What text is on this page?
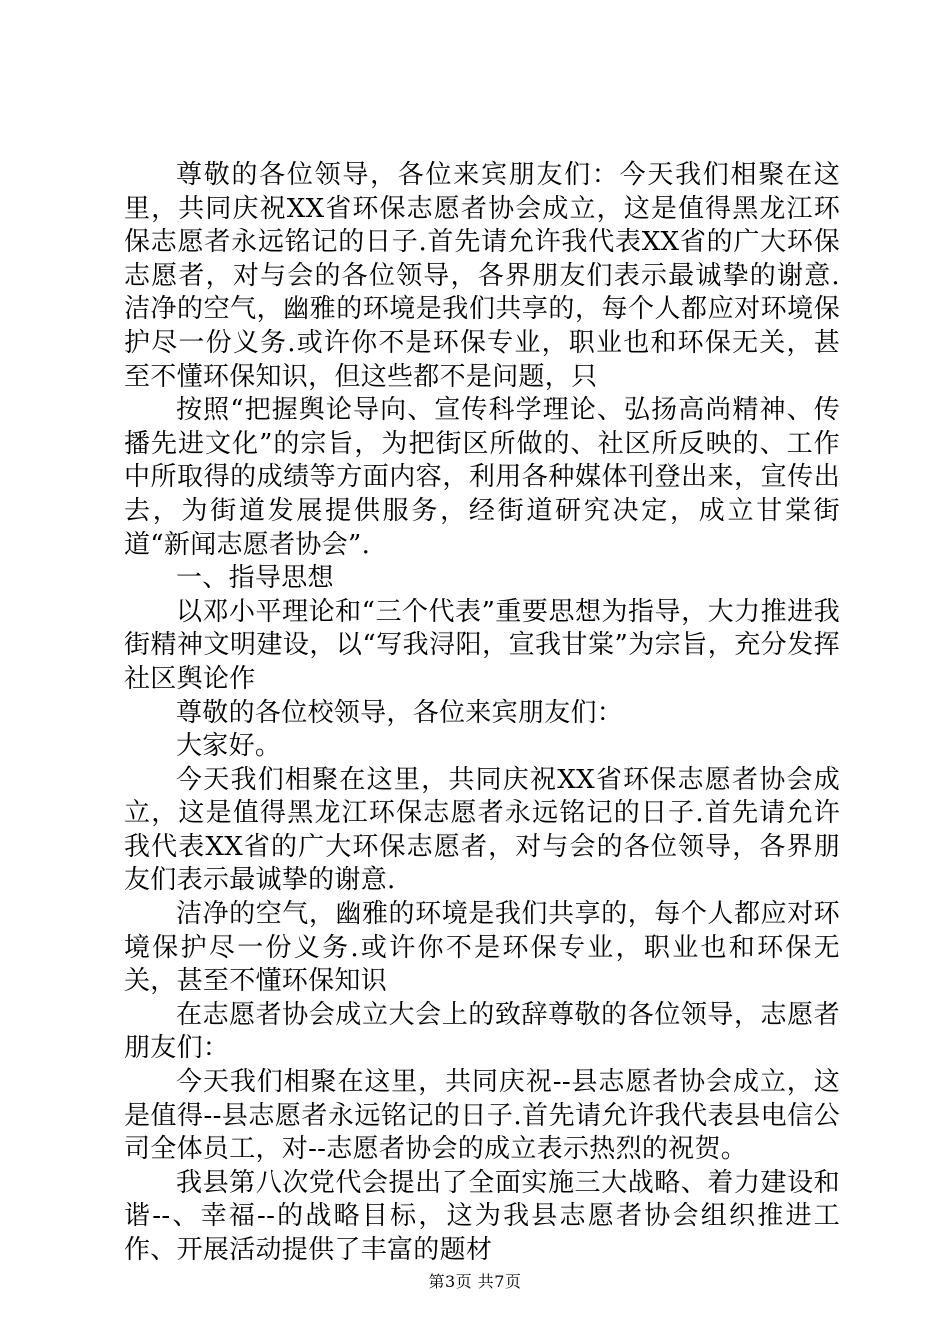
尊敬的各位领导，各位来宾朋友们：今天我们相聚在这里，共同庆祝XX省环保志愿者协会成立，这是值得黑龙江环保志愿者永远铭记的日子.首先请允许我代表XX省的广大环保志愿者，对与会的各位领导，各界朋友们表示最诚挚的谢意.洁净的空气，幽雅的环境是我们共享的，每个人都应对环境保护尽一份义务.或许你不是环保专业，职业也和环保无关，甚至不懂环保知识，但这些都不是问题，只

按照“把握舆论导向、宣传科学理论、弘扬高尚精神、传播先进文化”的宗旨，为把街区所做的、社区所反映的、工作中所取得的成绩等方面内容，利用各种媒体刊登出来，宣传出去，为街道发展提供服务，经街道研究决定，成立甘棠街道“新闻志愿者协会”.

一、指导思想

以邓小平理论和“三个代表”重要思想为指导，大力推进我街精神文明建设，以“写我浔阳，宣我甘棠”为宗旨，充分发挥社区舆论作

尊敬的各位校领导，各位来宾朋友们：

大家好。

今天我们相聚在这里，共同庆祝XX省环保志愿者协会成立，这是值得黑龙江环保志愿者永远铭记的日子.首先请允许我代表XX省的广大环保志愿者，对与会的各位领导，各界朋友们表示最诚挚的谢意.

洁净的空气，幽雅的环境是我们共享的，每个人都应对环境保护尽一份义务.或许你不是环保专业，职业也和环保无关，甚至不懂环保知识

在志愿者协会成立大会上的致辞尊敬的各位领导，志愿者朋友们：

今天我们相聚在这里，共同庆祝--县志愿者协会成立，这是值得--县志愿者永远铭记的日子.首先请允许我代表县电信公司全体员工，对--志愿者协会的成立表示热烈的祝贺。

我县第八次党代会提出了全面实施三大战略、着力建设和谐--、幸福--的战略目标，这为我县志愿者协会组织推进工作、开展活动提供了丰富的题材

第3页 共7页
